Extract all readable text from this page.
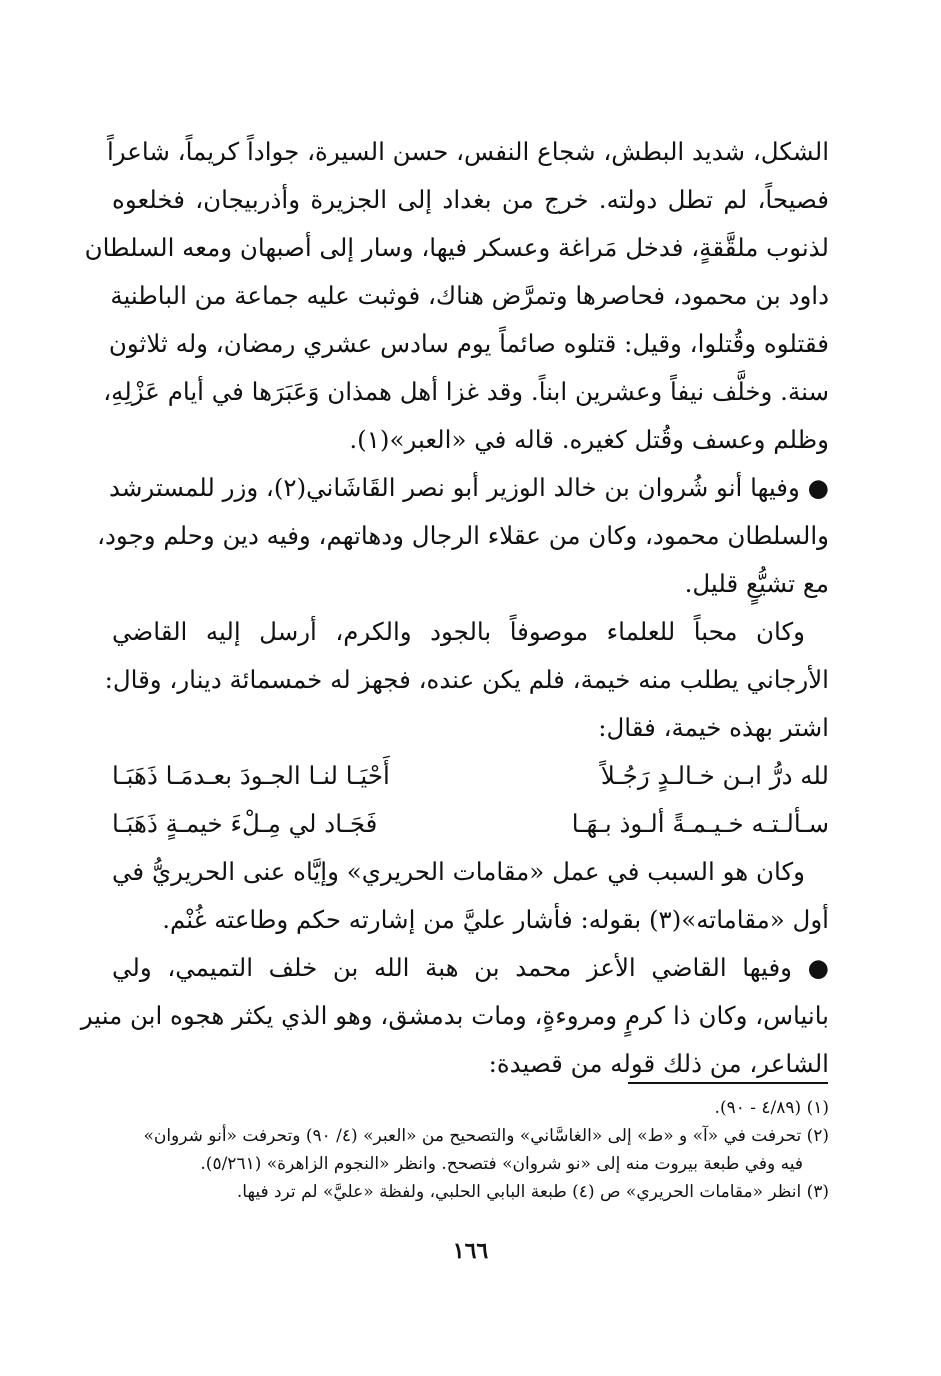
الشكل، شديد البطش، شجاع النفس، حسن السيرة، جواداً كريماً، شاعراً
فصيحاً، لم تطل دولته. خرج من بغداد إلى الجزيرة وأذربيجان، فخلعوه
لذنوب ملقَّقةٍ، فدخل مَراغة وعسكر فيها، وسار إلى أصبهان ومعه السلطان
داود بن محمود، فحاصرها وتمرَّض هناك، فوثبت عليه جماعة من الباطنية
فقتلوه وقُتلوا، وقيل: قتلوه صائماً يوم سادس عشري رمضان، وله ثلاثون
سنة. وخلَّف نيفاً وعشرين ابناً. وقد غزا أهل همذان وَعَبَرَها في أيام عَزْلِهِ،
وظلم وعسف وقُتل كغيره. قاله في «العبر»(١).
● وفيها أنو شُروان بن خالد الوزير أبو نصر القَاشَاني(٢)، وزر للمسترشد
والسلطان محمود، وكان من عقلاء الرجال ودهاتهم، وفيه دين وحلم وجود،
مع تشيُّعٍ قليل.
وكان محباً للعلماء موصوفاً بالجود والكرم، أرسل إليه القاضي
الأرجاني يطلب منه خيمة، فلم يكن عنده، فجهز له خمسمائة دينار، وقال:
اشتر بهذه خيمة، فقال:
لله درُّ ابـن خـالـدٍ رَجُـلاً
أَحْيَـا لنـا الجـودَ بعـدمَـا ذَهَبَـا
سـألـتـه خـيـمـةً ألـوذ بـهَـا
فَجَـاد لي مِـلْءَ خيمـةٍ ذَهَبَـا
وكان هو السبب في عمل «مقامات الحريري» وإيَّاه عنى الحريريُّ في
أول «مقاماته»(٣) بقوله: فأشار عليَّ من إشارته حكم وطاعته غُنْم.
● وفيها القاضي الأعز محمد بن هبة الله بن خلف التميمي، ولي
بانياس، وكان ذا كرمٍ ومروءةٍ، ومات بدمشق، وهو الذي يكثر هجوه ابن منير
الشاعر، من ذلك قوله من قصيدة:
(١) (٤/٨٩ - ٩٠).
(٢) تحرفت في «آ» و «ط» إلى «الغاسَّاني» والتصحيح من «العبر» (٤/ ٩٠) وتحرفت «أنو شروان»
فيه وفي طبعة بيروت منه إلى «نو شروان» فتصحح. وانظر «النجوم الزاهرة» (٥/٢٦١).
(٣) انظر «مقامات الحريري» ص (٤) طبعة البابي الحلبي، ولفظة «عليَّ» لم ترد فيها.
١٦٦
